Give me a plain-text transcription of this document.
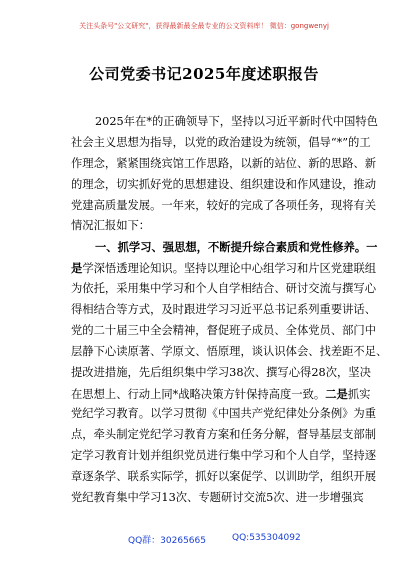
关注头条号"公文研究"，获得最新最全最专业的公文资料库！ 微信：gongwenyj
公司党委书记2025年度述职报告
2025年在*的正确领导下，坚持以习近平新时代中国特色
社会主义思想为指导，以党的政治建设为统领，倡导“*”的工
作理念，紧紧围绕宾馆工作思路，以新的站位、新的思路、新
的理念，切实抓好党的思想建设、组织建设和作风建设，推动
党建高质量发展。一年来，较好的完成了各项任务，现将有关
情况汇报如下：
一、抓学习、强思想，不断提升综合素质和党性修养。一
是学深悟透理论知识。坚持以理论中心组学习和片区党建联组
为依托，采用集中学习和个人自学相结合、研讨交流与撰写心
得相结合等方式，及时跟进学习习近平总书记系列重要讲话、
党的二十届三中全会精神，督促班子成员、全体党员、部门中
层静下心读原著、学原文、悟原理，谈认识体会、找差距不足、
提改进措施，先后组织集中学习38次、撰写心得28次，坚决
在思想上、行动上同*战略决策方针保持高度一致。二是抓实
党纪学习教育。以学习贯彻《中国共产党纪律处分条例》为重
点，牵头制定党纪学习教育方案和任务分解，督导基层支部制
定学习教育计划并组织党员进行集中学习和个人自学，坚持逐
章逐条学、联系实际学，抓好以案促学、以训助学，组织开展
党纪教育集中学习13次、专题研讨交流5次、进一步增强宾
QQ群：30265665	QQ:535304092
